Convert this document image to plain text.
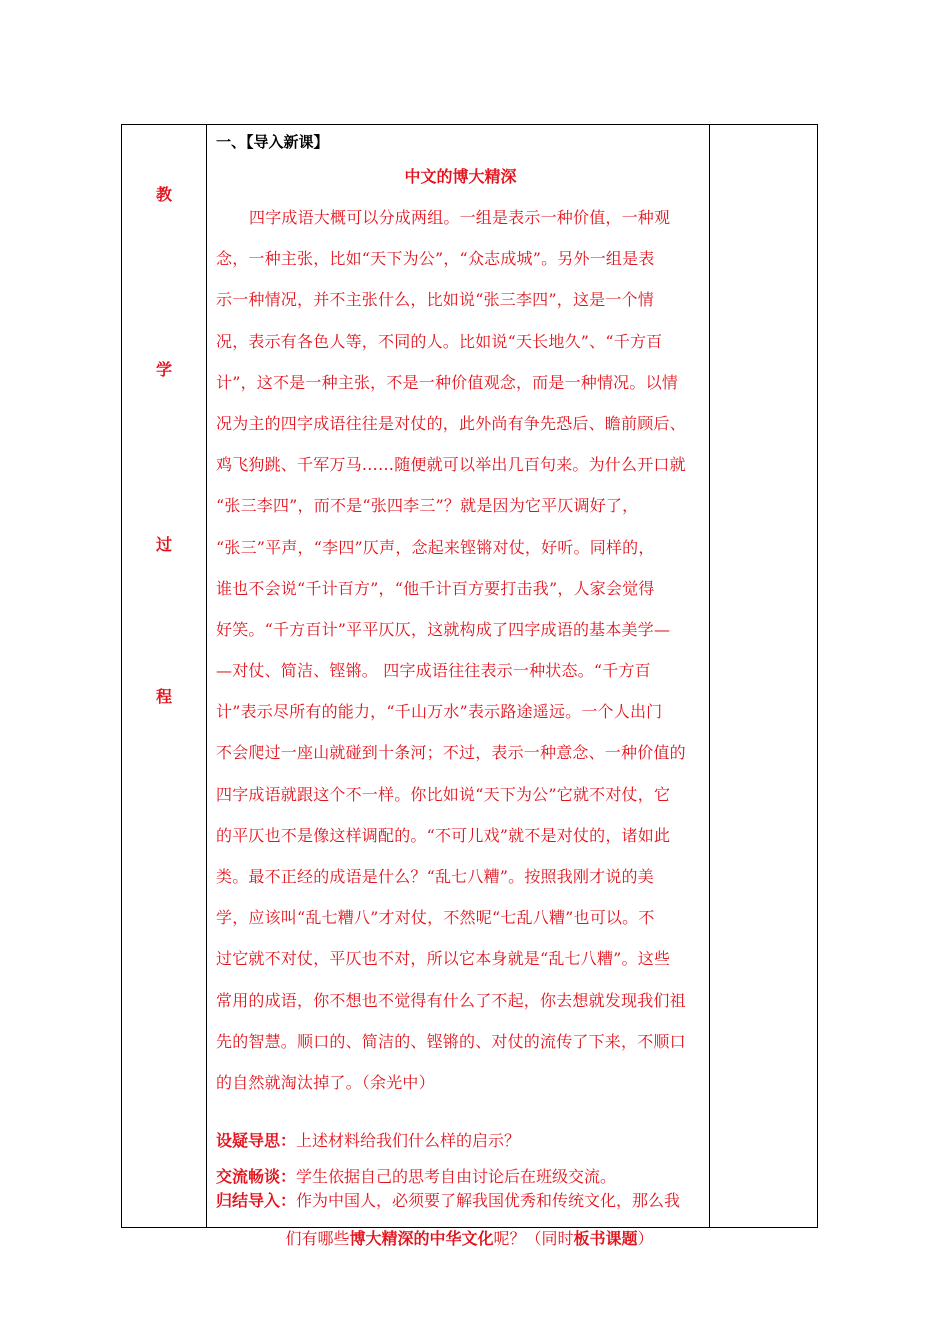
教
学
过
程
一、【导入新课】
中文的博大精深
四字成语大概可以分成两组。一组是表示一种价值，一种观
念，一种主张，比如“天下为公”，“众志成城”。另外一组是表
示一种情况，并不主张什么，比如说“张三李四”，这是一个情
况，表示有各色人等，不同的人。比如说“天长地久”、“千方百
计”，这不是一种主张，不是一种价值观念，而是一种情况。以情
况为主的四字成语往往是对仗的，此外尚有争先恐后、瞻前顾后、
鸡飞狗跳、千军万马……随便就可以举出几百句来。为什么开口就
“张三李四”，而不是“张四李三”？就是因为它平仄调好了，
“张三”平声，“李四”仄声，念起来铿锵对仗，好听。同样的，
谁也不会说“千计百方”，“他千计百方要打击我”，人家会觉得
好笑。“千方百计”平平仄仄，这就构成了四字成语的基本美学—
—对仗、简洁、铿锵。 四字成语往往表示一种状态。“千方百
计”表示尽所有的能力，“千山万水”表示路途遥远。一个人出门
不会爬过一座山就碰到十条河；不过，表示一种意念、一种价值的
四字成语就跟这个不一样。你比如说“天下为公”它就不对仗，它
的平仄也不是像这样调配的。“不可儿戏”就不是对仗的，诸如此
类。最不正经的成语是什么？“乱七八糟”。按照我刚才说的美
学，应该叫“乱七糟八”才对仗，不然呢“七乱八糟”也可以。不
过它就不对仗，平仄也不对，所以它本身就是“乱七八糟”。这些
常用的成语，你不想也不觉得有什么了不起，你去想就发现我们祖
先的智慧。顺口的、简洁的、铿锵的、对仗的流传了下来，不顺口
的自然就淘汰掉了。（余光中）
设疑导思：上述材料给我们什么样的启示？
交流畅谈：学生依据自己的思考自由讨论后在班级交流。
归结导入：作为中国人，必须要了解我国优秀和传统文化，那么我
们有哪些博大精深的中华文化呢？（同时板书课题）
